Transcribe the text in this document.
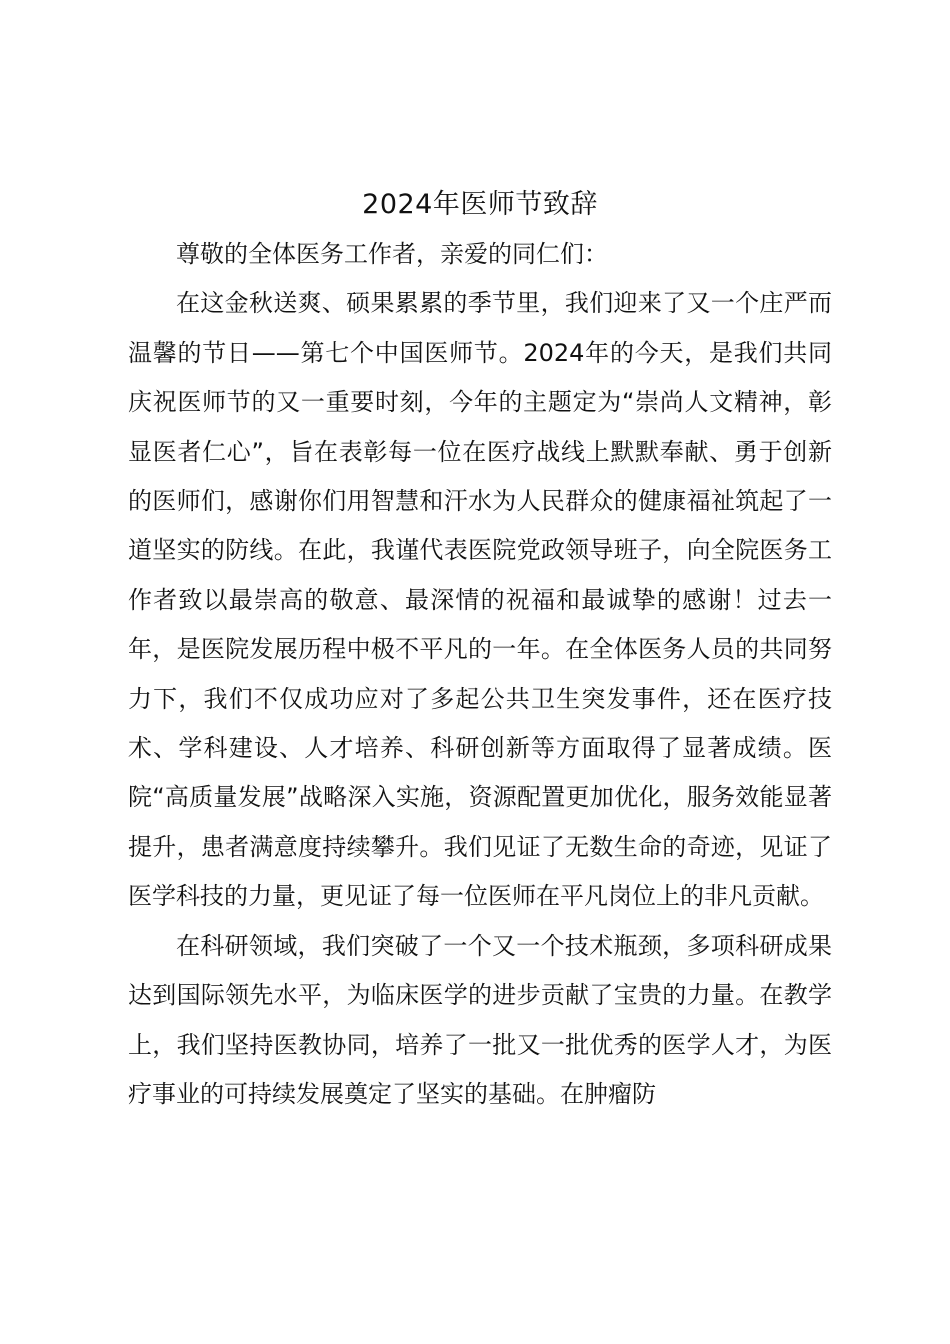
2024年医师节致辞

尊敬的全体医务工作者，亲爱的同仁们：

在这金秋送爽、硕果累累的季节里，我们迎来了又一个庄严而温馨的节日——第七个中国医师节。2024年的今天，是我们共同庆祝医师节的又一重要时刻，今年的主题定为“崇尚人文精神，彰显医者仁心”，旨在表彰每一位在医疗战线上默默奉献、勇于创新的医师们，感谢你们用智慧和汗水为人民群众的健康福祉筑起了一道坚实的防线。在此，我谨代表医院党政领导班子，向全院医务工作者致以最崇高的敬意、最深情的祝福和最诚挚的感谢！过去一年，是医院发展历程中极不平凡的一年。在全体医务人员的共同努力下，我们不仅成功应对了多起公共卫生突发事件，还在医疗技术、学科建设、人才培养、科研创新等方面取得了显著成绩。医院“高质量发展”战略深入实施，资源配置更加优化，服务效能显著提升，患者满意度持续攀升。我们见证了无数生命的奇迹，见证了医学科技的力量，更见证了每一位医师在平凡岗位上的非凡贡献。

在科研领域，我们突破了一个又一个技术瓶颈，多项科研成果达到国际领先水平，为临床医学的进步贡献了宝贵的力量。在教学上，我们坚持医教协同，培养了一批又一批优秀的医学人才，为医疗事业的可持续发展奠定了坚实的基础。在肿瘤防
